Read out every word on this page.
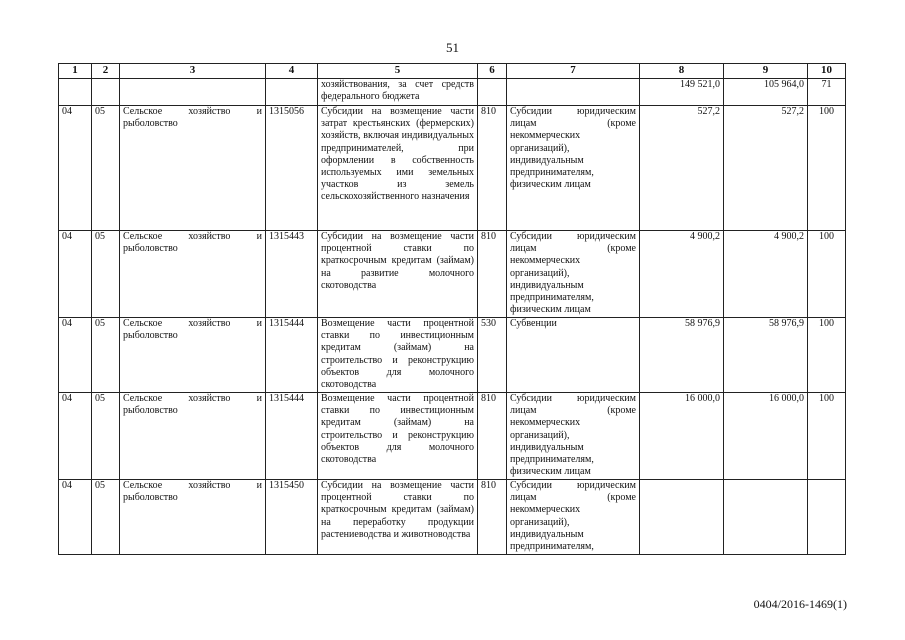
51
1	2	3	4	5	6	7	8	9	10
				хозяйствования, за счет средств федерального бюджета			149 521,0	105 964,0	71
04	05	Сельское хозяйство и рыболовство	1315056	Субсидии на возмещение части затрат крестьянских (фермерских) хозяйств, включая индивидуальных предпринимателей, при оформлении в собственность используемых ими земельных участков из земель сельскохозяйственного назначения	810	Субсидии юридическим лицам (кроме некоммерческих организаций), индивидуальным предпринимателям, физическим лицам	527,2	527,2	100
04	05	Сельское хозяйство и рыболовство	1315443	Субсидии на возмещение части процентной ставки по краткосрочным кредитам (займам) на развитие молочного скотоводства	810	Субсидии юридическим лицам (кроме некоммерческих организаций), индивидуальным предпринимателям, физическим лицам	4 900,2	4 900,2	100
04	05	Сельское хозяйство и рыболовство	1315444	Возмещение части процентной ставки по инвестиционным кредитам (займам) на строительство и реконструкцию объектов для молочного скотоводства	530	Субвенции	58 976,9	58 976,9	100
04	05	Сельское хозяйство и рыболовство	1315444	Возмещение части процентной ставки по инвестиционным кредитам (займам) на строительство и реконструкцию объектов для молочного скотоводства	810	Субсидии юридическим лицам (кроме некоммерческих организаций), индивидуальным предпринимателям, физическим лицам	16 000,0	16 000,0	100
04	05	Сельское хозяйство и рыболовство	1315450	Субсидии на возмещение части процентной ставки по краткосрочным кредитам (займам) на переработку продукции растениеводства и животноводства	810	Субсидии юридическим лицам (кроме некоммерческих организаций), индивидуальным предпринимателям,			
0404/2016-1469(1)
